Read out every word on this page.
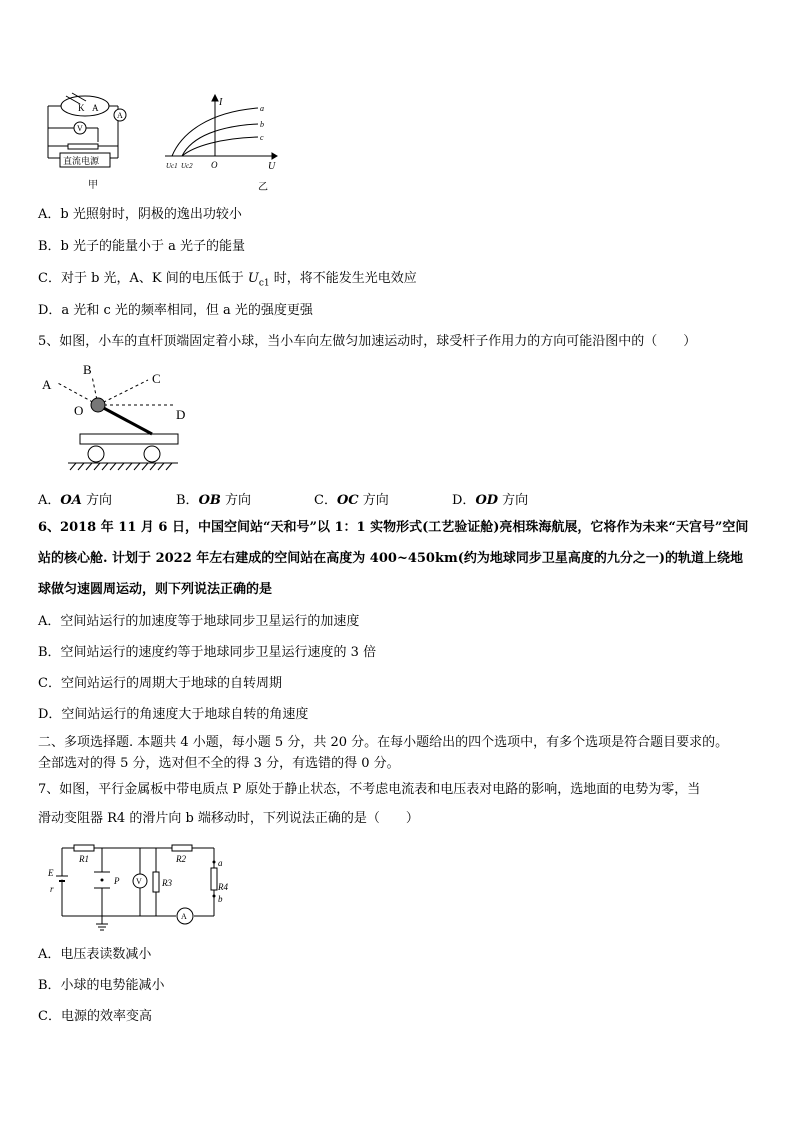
K A
A
V
直流电源
甲
I
U
O
a
b
c
Uc1 Uc2
乙
A．b 光照射时，阴极的逸出功较小
B．b 光子的能量小于 a 光子的能量
C．对于 b 光，A、K 间的电压低于 $U_{c1}$ 时，将不能发生光电效应
D．a 光和 c 光的频率相同，但 a 光的强度更强
5、如图，小车的直杆顶端固定着小球，当小车向左做匀加速运动时，球受杆子作用力的方向可能沿图中的（　　）
A
B
C
D
O
A．OA 方向	B．OB 方向	C．OC 方向	D．OD 方向
6、2018 年 11 月 6 日，中国空间站“天和号”以 1：1 实物形式(工艺验证舱)亮相珠海航展，它将作为未来“天宫号”空间
站的核心舱. 计划于 2022 年左右建成的空间站在高度为 400~450km(约为地球同步卫星高度的九分之一)的轨道上绕地
球做匀速圆周运动，则下列说法正确的是
A．空间站运行的加速度等于地球同步卫星运行的加速度
B．空间站运行的速度约等于地球同步卫星运行速度的 3 倍
C．空间站运行的周期大于地球的自转周期
D．空间站运行的角速度大于地球自转的角速度
二、多项选择题. 本题共 4 小题，每小题 5 分，共 20 分。在每小题给出的四个选项中，有多个选项是符合题目要求的。
全部选对的得 5 分，选对但不全的得 3 分，有选错的得 0 分。
7、如图，平行金属板中带电质点 P 原处于静止状态，不考虑电流表和电压表对电路的影响，选地面的电势为零，当
滑动变阻器 R4 的滑片向 b 端移动时，下列说法正确的是（　　）
E
r
R1	R2
R3	R4
P
a
b
V
A
A．电压表读数减小
B．小球的电势能减小
C．电源的效率变高
